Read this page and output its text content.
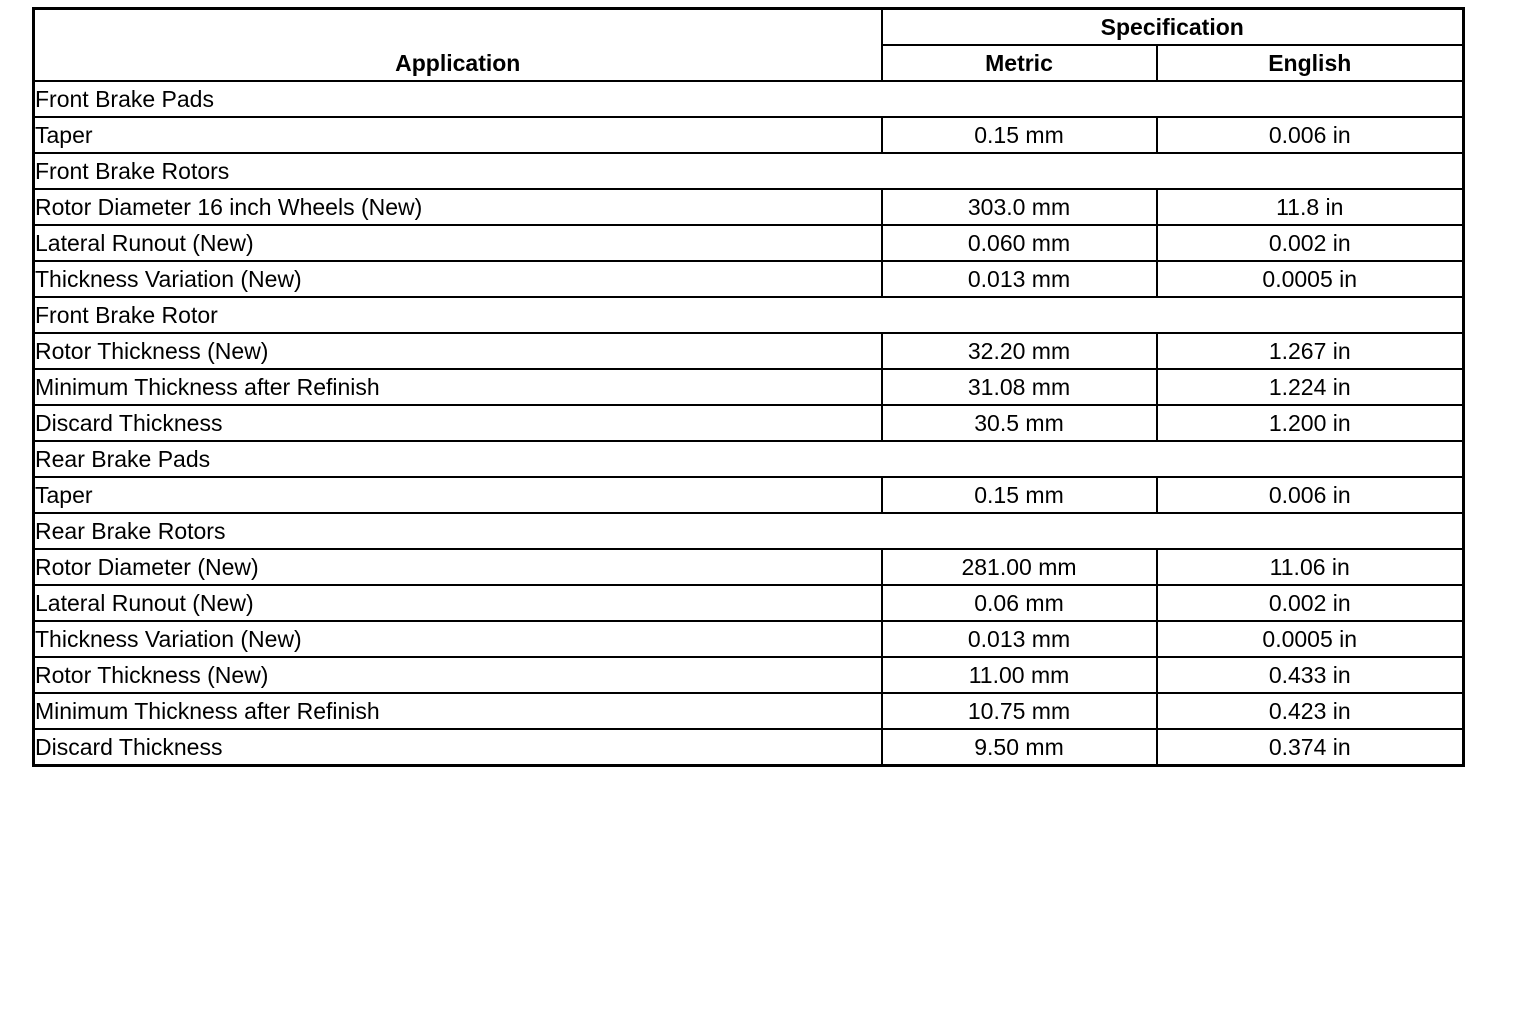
Application	Specification	
	Metric	English
Front Brake Pads		
Taper	0.15 mm	0.006 in
Front Brake Rotors		
Rotor Diameter 16 inch Wheels (New)	303.0 mm	11.8 in
Lateral Runout (New)	0.060 mm	0.002 in
Thickness Variation (New)	0.013 mm	0.0005 in
Front Brake Rotor		
Rotor Thickness (New)	32.20 mm	1.267 in
Minimum Thickness after Refinish	31.08 mm	1.224 in
Discard Thickness	30.5 mm	1.200 in
Rear Brake Pads		
Taper	0.15 mm	0.006 in
Rear Brake Rotors		
Rotor Diameter (New)	281.00 mm	11.06 in
Lateral Runout (New)	0.06 mm	0.002 in
Thickness Variation (New)	0.013 mm	0.0005 in
Rotor Thickness (New)	11.00 mm	0.433 in
Minimum Thickness after Refinish	10.75 mm	0.423 in
Discard Thickness	9.50 mm	0.374 in
